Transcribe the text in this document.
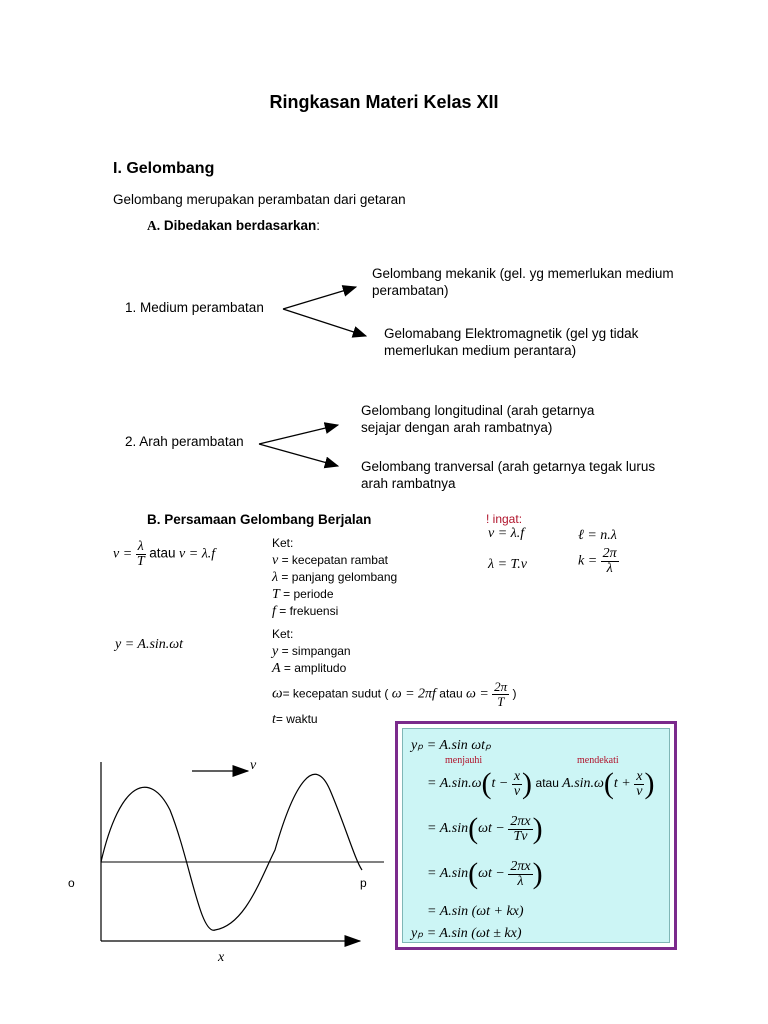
Ringkasan Materi Kelas XII
I. Gelombang
Gelombang merupakan perambatan dari getaran
A. Dibedakan berdasarkan:
1. Medium perambatan
Gelombang mekanik (gel. yg memerlukan medium
perambatan)
Gelomabang Elektromagnetik (gel yg tidak
memerlukan medium perantara)
2. Arah perambatan
Gelombang longitudinal (arah getarnya
sejajar dengan arah rambatnya)
Gelombang tranversal (arah getarnya tegak lurus
arah rambatnya
B. Persamaan Gelombang Berjalan	! ingat:
v = λ.f	ℓ = n.λ
λ = T.v	$k = \frac{2\pi}{\lambda}$
$v = \frac{\lambda}{T}$ atau v = λ.f
Ket:
v = kecepatan rambat
λ = panjang gelombang
T = periode
f = frekuensi
y = A.sin.ωt
Ket:
y = simpangan
A = amplitudo
ω= kecepatan sudut ( ω = 2πf atau $\omega = \frac{2\pi}{T}$ )
t= waktu
v
o	p
x
yₚ = A.sin ωtₚ
menjauhi	mendekati
= $A.\sin.\omega(t - \frac{x}{v}$ ) atau $A.\sin.\omega(t + \frac{x}{v}$ )
= $A.\sin(\omega t - \frac{2\pi x}{Tv}$ )
= $A.\sin(\omega t - \frac{2\pi x}{\lambda}$ )
= A.sin (ωt + kx)
yₚ = A.sin (ωt ± kx)
